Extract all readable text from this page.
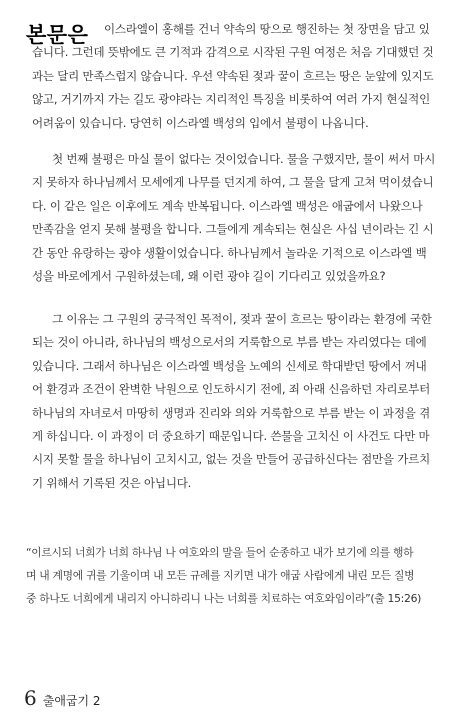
본문은	이스라엘이 홍해를 건너 약속의 땅으로 행진하는 첫 장면을 담고 있
습니다. 그런데 뜻밖에도 큰 기적과 감격으로 시작된 구원 여정은 처음 기대했던 것
과는 달리 만족스럽지 않습니다. 우선 약속된 젖과 꿀이 흐르는 땅은 눈앞에 있지도
않고, 거기까지 가는 길도 광야라는 지리적인 특징을 비롯하여 여러 가지 현실적인
어려움이 있습니다. 당연히 이스라엘 백성의 입에서 불평이 나옵니다.

첫 번째 불평은 마실 물이 없다는 것이었습니다. 물을 구했지만, 물이 써서 마시
지 못하자 하나님께서 모세에게 나무를 던지게 하여, 그 물을 달게 고쳐 먹이셨습니
다. 이 같은 일은 이후에도 계속 반복됩니다. 이스라엘 백성은 애굽에서 나왔으나
만족감을 얻지 못해 불평을 합니다. 그들에게 계속되는 현실은 사십 년이라는 긴 시
간 동안 유랑하는 광야 생활이었습니다. 하나님께서 놀라운 기적으로 이스라엘 백
성을 바로에게서 구원하셨는데, 왜 이런 광야 길이 기다리고 있었을까요?

그 이유는 그 구원의 궁극적인 목적이, 젖과 꿀이 흐르는 땅이라는 환경에 국한
되는 것이 아니라, 하나님의 백성으로서의 거룩함으로 부름 받는 자리였다는 데에
있습니다. 그래서 하나님은 이스라엘 백성을 노예의 신세로 학대받던 땅에서 꺼내
어 환경과 조건이 완벽한 낙원으로 인도하시기 전에, 죄 아래 신음하던 자리로부터
하나님의 자녀로서 마땅히 생명과 진리와 의와 거룩함으로 부름 받는 이 과정을 겪
게 하십니다. 이 과정이 더 중요하기 때문입니다. 쓴물을 고치신 이 사건도 다만 마
시지 못할 물을 하나님이 고치시고, 없는 것을 만들어 공급하신다는 점만을 가르치
기 위해서 기록된 것은 아닙니다.

“이르시되 너희가 너희 하나님 나 여호와의 말을 들어 순종하고 내가 보기에 의를 행하
며 내 계명에 귀를 기울이며 내 모든 규례를 지키면 내가 애굽 사람에게 내린 모든 질병
중 하나도 너희에게 내리지 아니하리니 나는 너희를 치료하는 여호와임이라”(출 15:26)

6 출애굽기 2
